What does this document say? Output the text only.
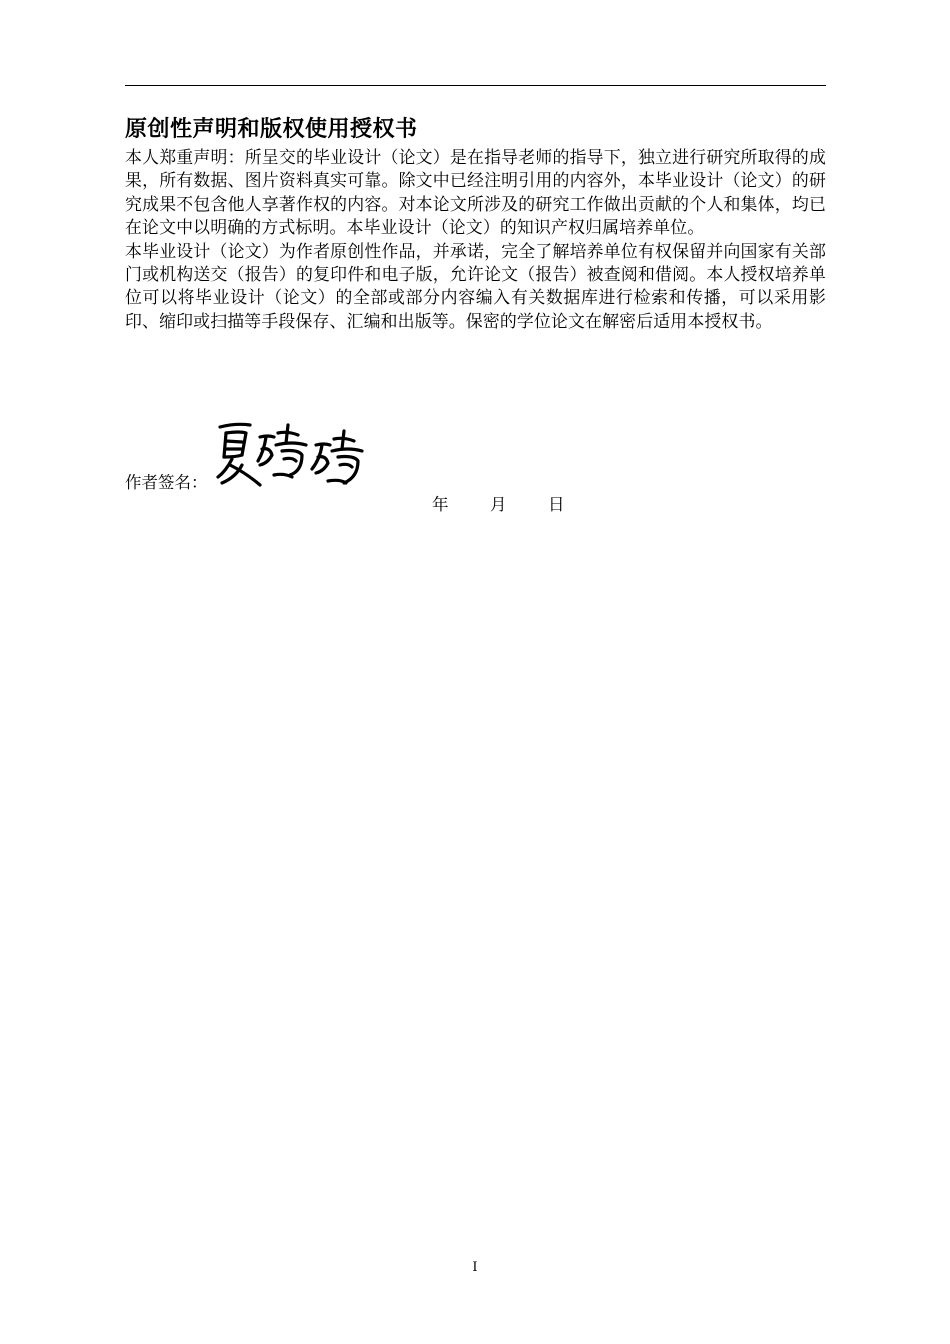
原创性声明和版权使用授权书

本人郑重声明：所呈交的毕业设计（论文）是在指导老师的指导下，独立进行研究所取得的成果，所有数据、图片资料真实可靠。除文中已经注明引用的内容外，本毕业设计（论文）的研究成果不包含他人享著作权的内容。对本论文所涉及的研究工作做出贡献的个人和集体，均已在论文中以明确的方式标明。本毕业设计（论文）的知识产权归属培养单位。

本毕业设计（论文）为作者原创性作品，并承诺，完全了解培养单位有权保留并向国家有关部门或机构送交（报告）的复印件和电子版，允许论文（报告）被查阅和借阅。本人授权培养单位可以将毕业设计（论文）的全部或部分内容编入有关数据库进行检索和传播，可以采用影印、缩印或扫描等手段保存、汇编和出版等。保密的学位论文在解密后适用本授权书。

作者签名：
年	月	日
I
